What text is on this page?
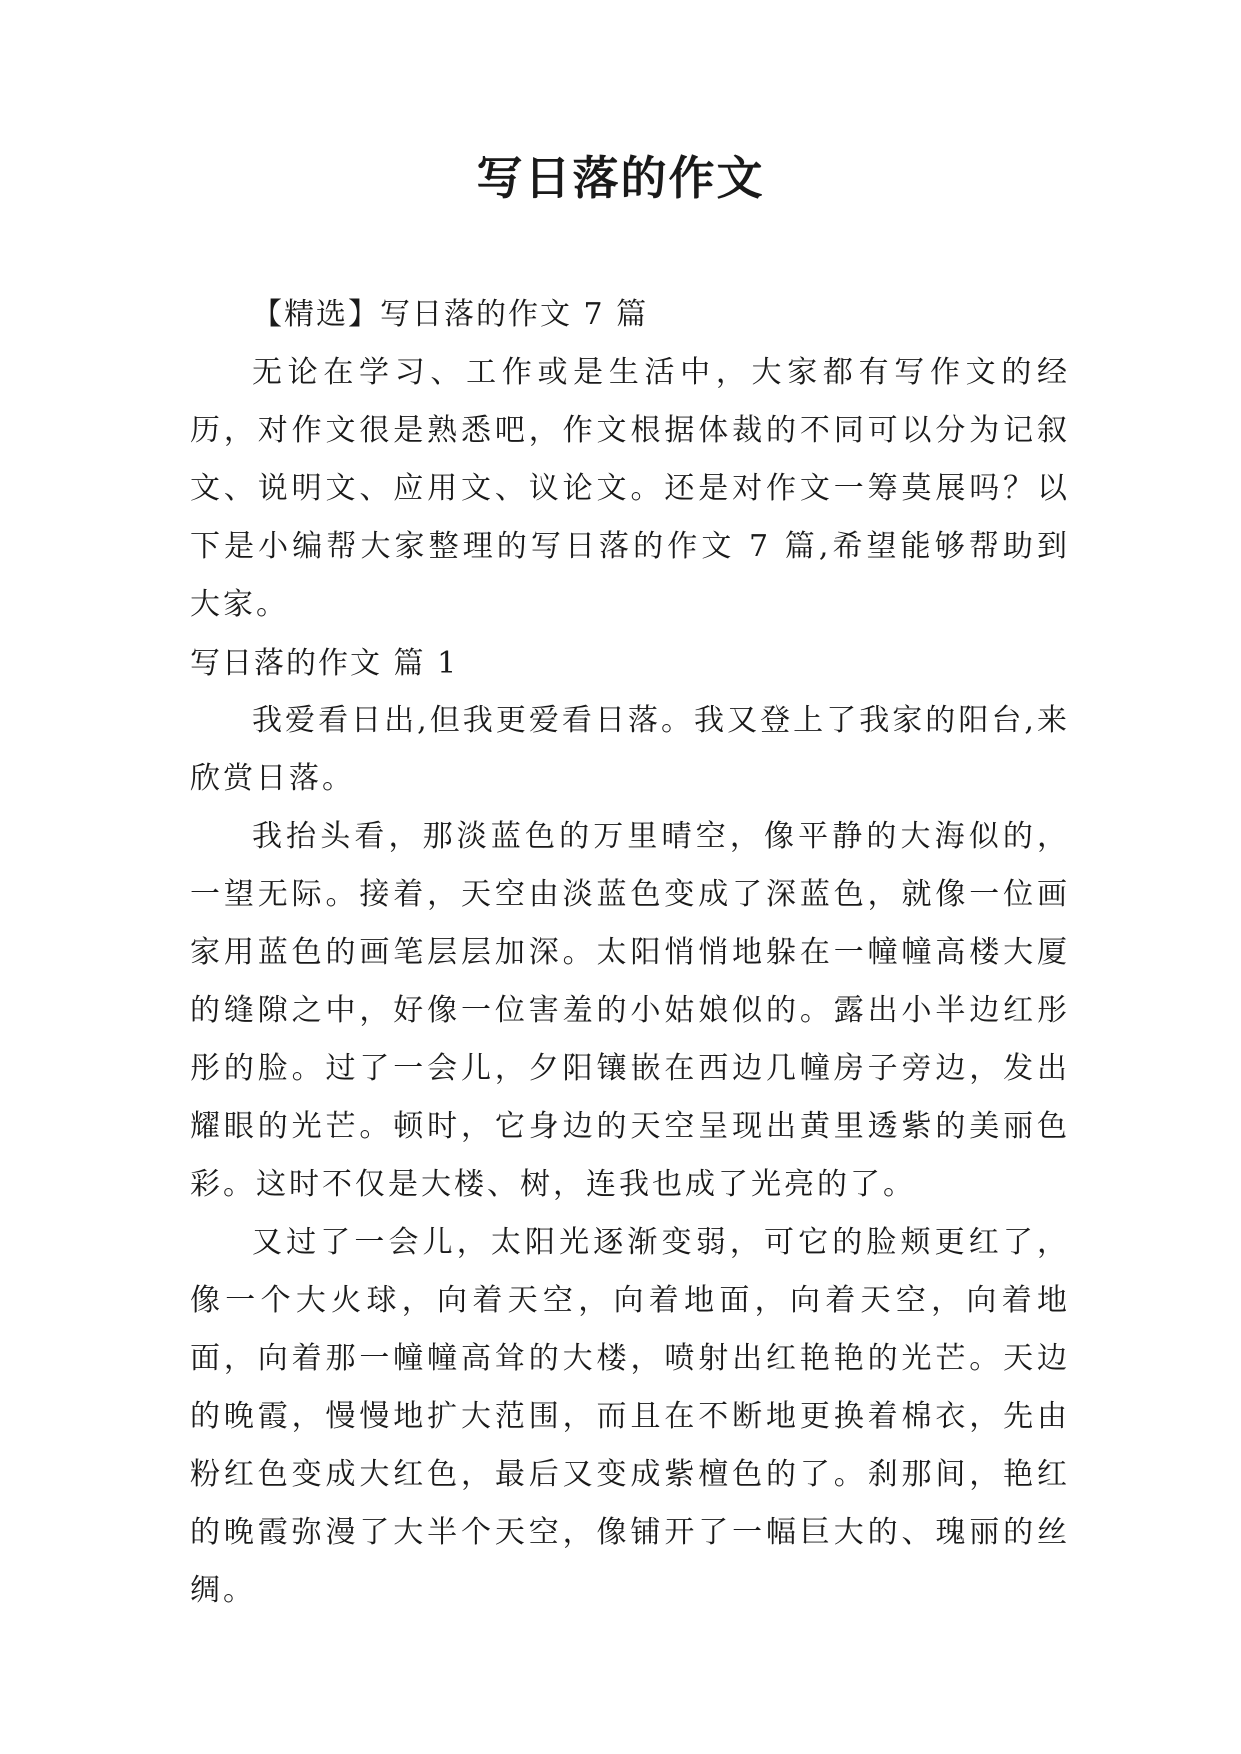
写日落的作文

【精选】写日落的作文 7 篇

无论在学习、工作或是生活中，大家都有写作文的经历，对作文很是熟悉吧，作文根据体裁的不同可以分为记叙文、说明文、应用文、议论文。还是对作文一筹莫展吗？以下是小编帮大家整理的写日落的作文 7 篇,希望能够帮助到大家。

写日落的作文 篇 1

我爱看日出,但我更爱看日落。我又登上了我家的阳台,来欣赏日落。

我抬头看，那淡蓝色的万里晴空，像平静的大海似的，一望无际。接着，天空由淡蓝色变成了深蓝色，就像一位画家用蓝色的画笔层层加深。太阳悄悄地躲在一幢幢高楼大厦的缝隙之中，好像一位害羞的小姑娘似的。露出小半边红彤彤的脸。过了一会儿，夕阳镶嵌在西边几幢房子旁边，发出耀眼的光芒。顿时，它身边的天空呈现出黄里透紫的美丽色彩。这时不仅是大楼、树，连我也成了光亮的了。

又过了一会儿，太阳光逐渐变弱，可它的脸颊更红了，像一个大火球，向着天空，向着地面，向着天空，向着地面，向着那一幢幢高耸的大楼，喷射出红艳艳的光芒。天边的晚霞，慢慢地扩大范围，而且在不断地更换着棉衣，先由粉红色变成大红色，最后又变成紫檀色的了。刹那间，艳红的晚霞弥漫了大半个天空，像铺开了一幅巨大的、瑰丽的丝绸。
